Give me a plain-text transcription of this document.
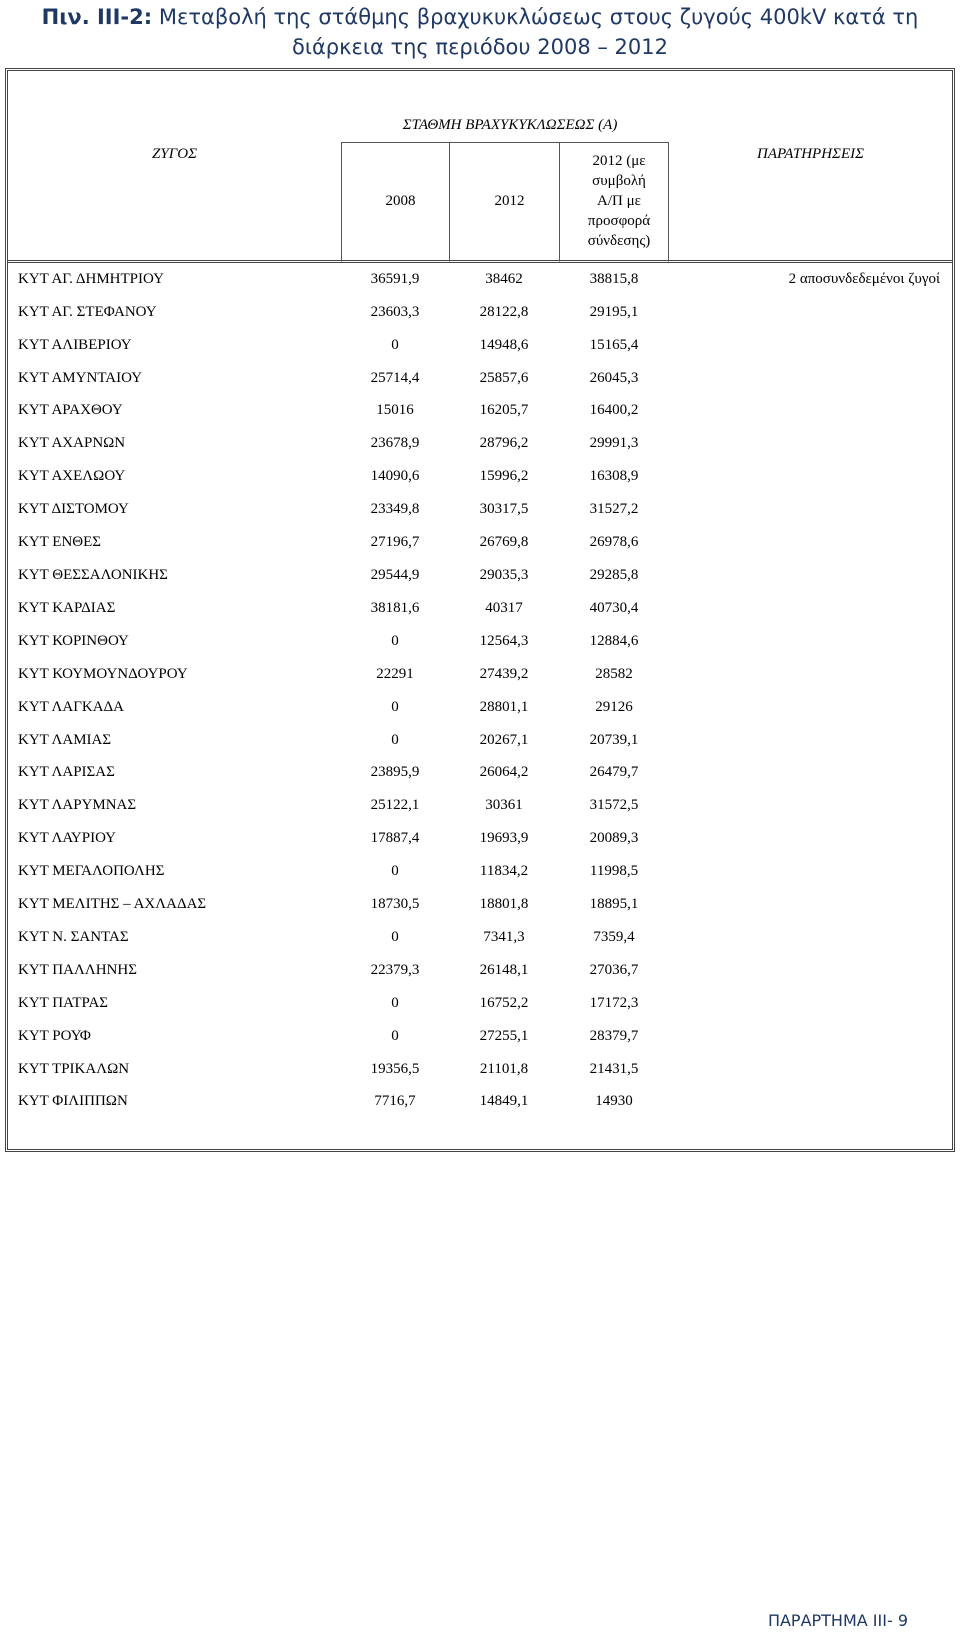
Πιν. ΙΙΙ-2: Μεταβολή της στάθμης βραχυκυκλώσεως στους ζυγούς 400kV κατά τη
διάρκεια της περιόδου 2008 – 2012
	ΣΤΑΘΜΗ ΒΡΑΧΥΚΥΚΛΩΣΕΩΣ (Α)			
ΖΥΓΟΣ	2008	2012	2012 (με
συμβολή
Α/Π με
προσφορά
σύνδεσης)	ΠΑΡΑΤΗΡΗΣΕΙΣ
ΚΥΤ ΑΓ. ΔΗΜΗΤΡΙΟΥ	36591,9	38462	38815,8	2 αποσυνδεδεμένοι ζυγοί
ΚΥΤ ΑΓ. ΣΤΕΦΑΝΟΥ	23603,3	28122,8	29195,1	
ΚΥΤ ΑΛΙΒΕΡΙΟΥ	0	14948,6	15165,4	
ΚΥΤ ΑΜΥΝΤΑΙΟΥ	25714,4	25857,6	26045,3	
ΚΥΤ ΑΡΑΧΘΟΥ	15016	16205,7	16400,2	
ΚΥΤ ΑΧΑΡΝΩΝ	23678,9	28796,2	29991,3	
ΚΥΤ ΑΧΕΛΩΟΥ	14090,6	15996,2	16308,9	
ΚΥΤ ΔΙΣΤΟΜΟΥ	23349,8	30317,5	31527,2	
ΚΥΤ ΕΝΘΕΣ	27196,7	26769,8	26978,6	
ΚΥΤ ΘΕΣΣΑΛΟΝΙΚΗΣ	29544,9	29035,3	29285,8	
ΚΥΤ ΚΑΡΔΙΑΣ	38181,6	40317	40730,4	
ΚΥΤ ΚΟΡΙΝΘΟΥ	0	12564,3	12884,6	
ΚΥΤ ΚΟΥΜΟΥΝΔΟΥΡΟΥ	22291	27439,2	28582	
ΚΥΤ ΛΑΓΚΑΔΑ	0	28801,1	29126	
ΚΥΤ ΛΑΜΙΑΣ	0	20267,1	20739,1	
ΚΥΤ ΛΑΡΙΣΑΣ	23895,9	26064,2	26479,7	
ΚΥΤ ΛΑΡΥΜΝΑΣ	25122,1	30361	31572,5	
ΚΥΤ ΛΑΥΡΙΟΥ	17887,4	19693,9	20089,3	
ΚΥΤ ΜΕΓΑΛΟΠΟΛΗΣ	0	11834,2	11998,5	
ΚΥΤ ΜΕΛΙΤΗΣ – ΑΧΛΑΔΑΣ	18730,5	18801,8	18895,1	
ΚΥΤ Ν. ΣΑΝΤΑΣ	0	7341,3	7359,4	
ΚΥΤ ΠΑΛΛΗΝΗΣ	22379,3	26148,1	27036,7	
ΚΥΤ ΠΑΤΡΑΣ	0	16752,2	17172,3	
ΚΥΤ ΡΟΥΦ	0	27255,1	28379,7	
ΚΥΤ ΤΡΙΚΑΛΩΝ	19356,5	21101,8	21431,5	
ΚΥΤ ΦΙΛΙΠΠΩΝ	7716,7	14849,1	14930	

ΠΑΡΑΡΤΗΜΑ ΙΙΙ- 9
